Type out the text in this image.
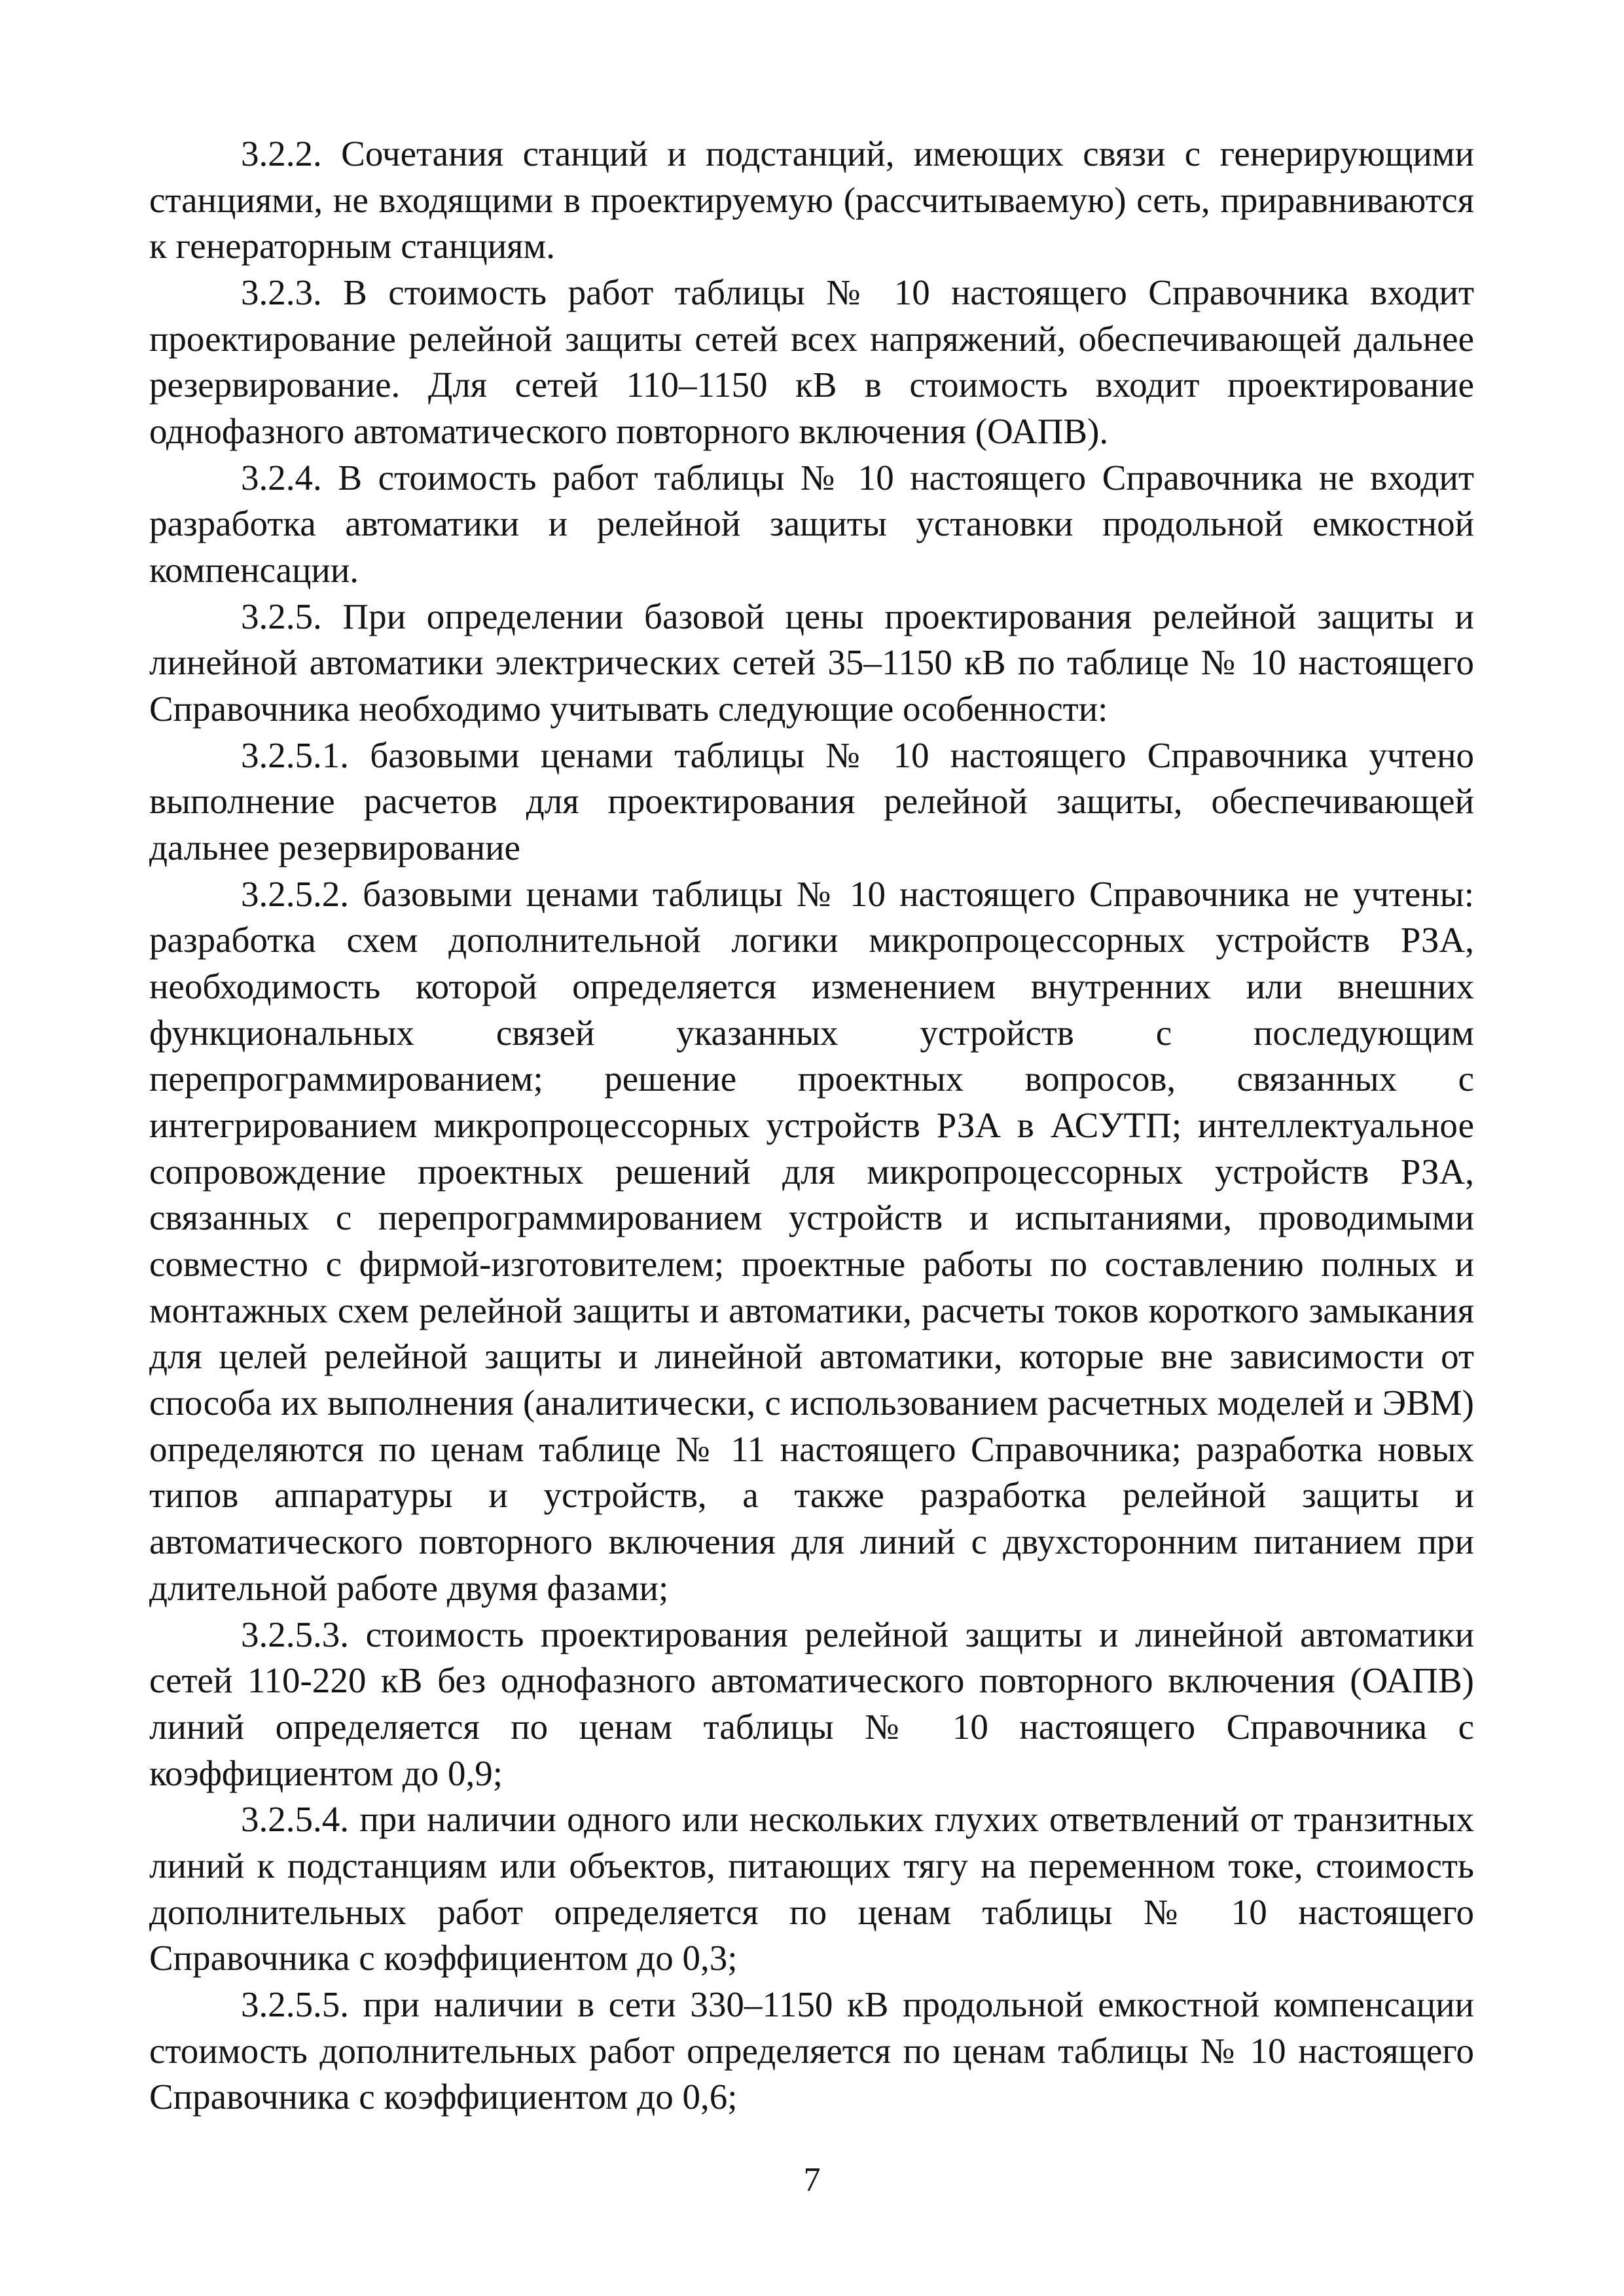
3.2.2. Сочетания станций и подстанций, имеющих связи с генерирующими станциями, не входящими в проектируемую (рассчитываемую) сеть, приравниваются к генераторным станциям.

3.2.3. В стоимость работ таблицы № 10 настоящего Справочника входит проектирование релейной защиты сетей всех напряжений, обеспечивающей дальнее резервирование. Для сетей 110–1150 кВ в стоимость входит проектирование однофазного автоматического повторного включения (ОАПВ).

3.2.4. В стоимость работ таблицы № 10 настоящего Справочника не входит разработка автоматики и релейной защиты установки продольной емкостной компенсации.

3.2.5. При определении базовой цены проектирования релейной защиты и линейной автоматики электрических сетей 35–1150 кВ по таблице № 10 настоящего Справочника необходимо учитывать следующие особенности:

3.2.5.1. базовыми ценами таблицы № 10 настоящего Справочника учтено выполнение расчетов для проектирования релейной защиты, обеспечивающей дальнее резервирование

3.2.5.2. базовыми ценами таблицы № 10 настоящего Справочника не учтены: разработка схем дополнительной логики микропроцессорных устройств РЗА, необходимость которой определяется изменением внутренних или внешних функциональных связей указанных устройств с последующим перепрограммированием; решение проектных вопросов, связанных с интегрированием микропроцессорных устройств РЗА в АСУТП; интеллектуальное сопровождение проектных решений для микропроцессорных устройств РЗА, связанных с перепрограммированием устройств и испытаниями, проводимыми совместно с фирмой-изготовителем; проектные работы по составлению полных и монтажных схем релейной защиты и автоматики, расчеты токов короткого замыкания для целей релейной защиты и линейной автоматики, которые вне зависимости от способа их выполнения (аналитически, с использованием расчетных моделей и ЭВМ) определяются по ценам таблице № 11 настоящего Справочника; разработка новых типов аппаратуры и устройств, а также разработка релейной защиты и автоматического повторного включения для линий с двухсторонним питанием при длительной работе двумя фазами;

3.2.5.3. стоимость проектирования релейной защиты и линейной автоматики сетей 110-220 кВ без однофазного автоматического повторного включения (ОАПВ) линий определяется по ценам таблицы № 10 настоящего Справочника с коэффициентом до 0,9;

3.2.5.4. при наличии одного или нескольких глухих ответвлений от транзитных линий к подстанциям или объектов, питающих тягу на переменном токе, стоимость дополнительных работ определяется по ценам таблицы № 10 настоящего Справочника с коэффициентом до 0,3;

3.2.5.5. при наличии в сети 330–1150 кВ продольной емкостной компенсации стоимость дополнительных работ определяется по ценам таблицы № 10 настоящего Справочника с коэффициентом до 0,6;

7
